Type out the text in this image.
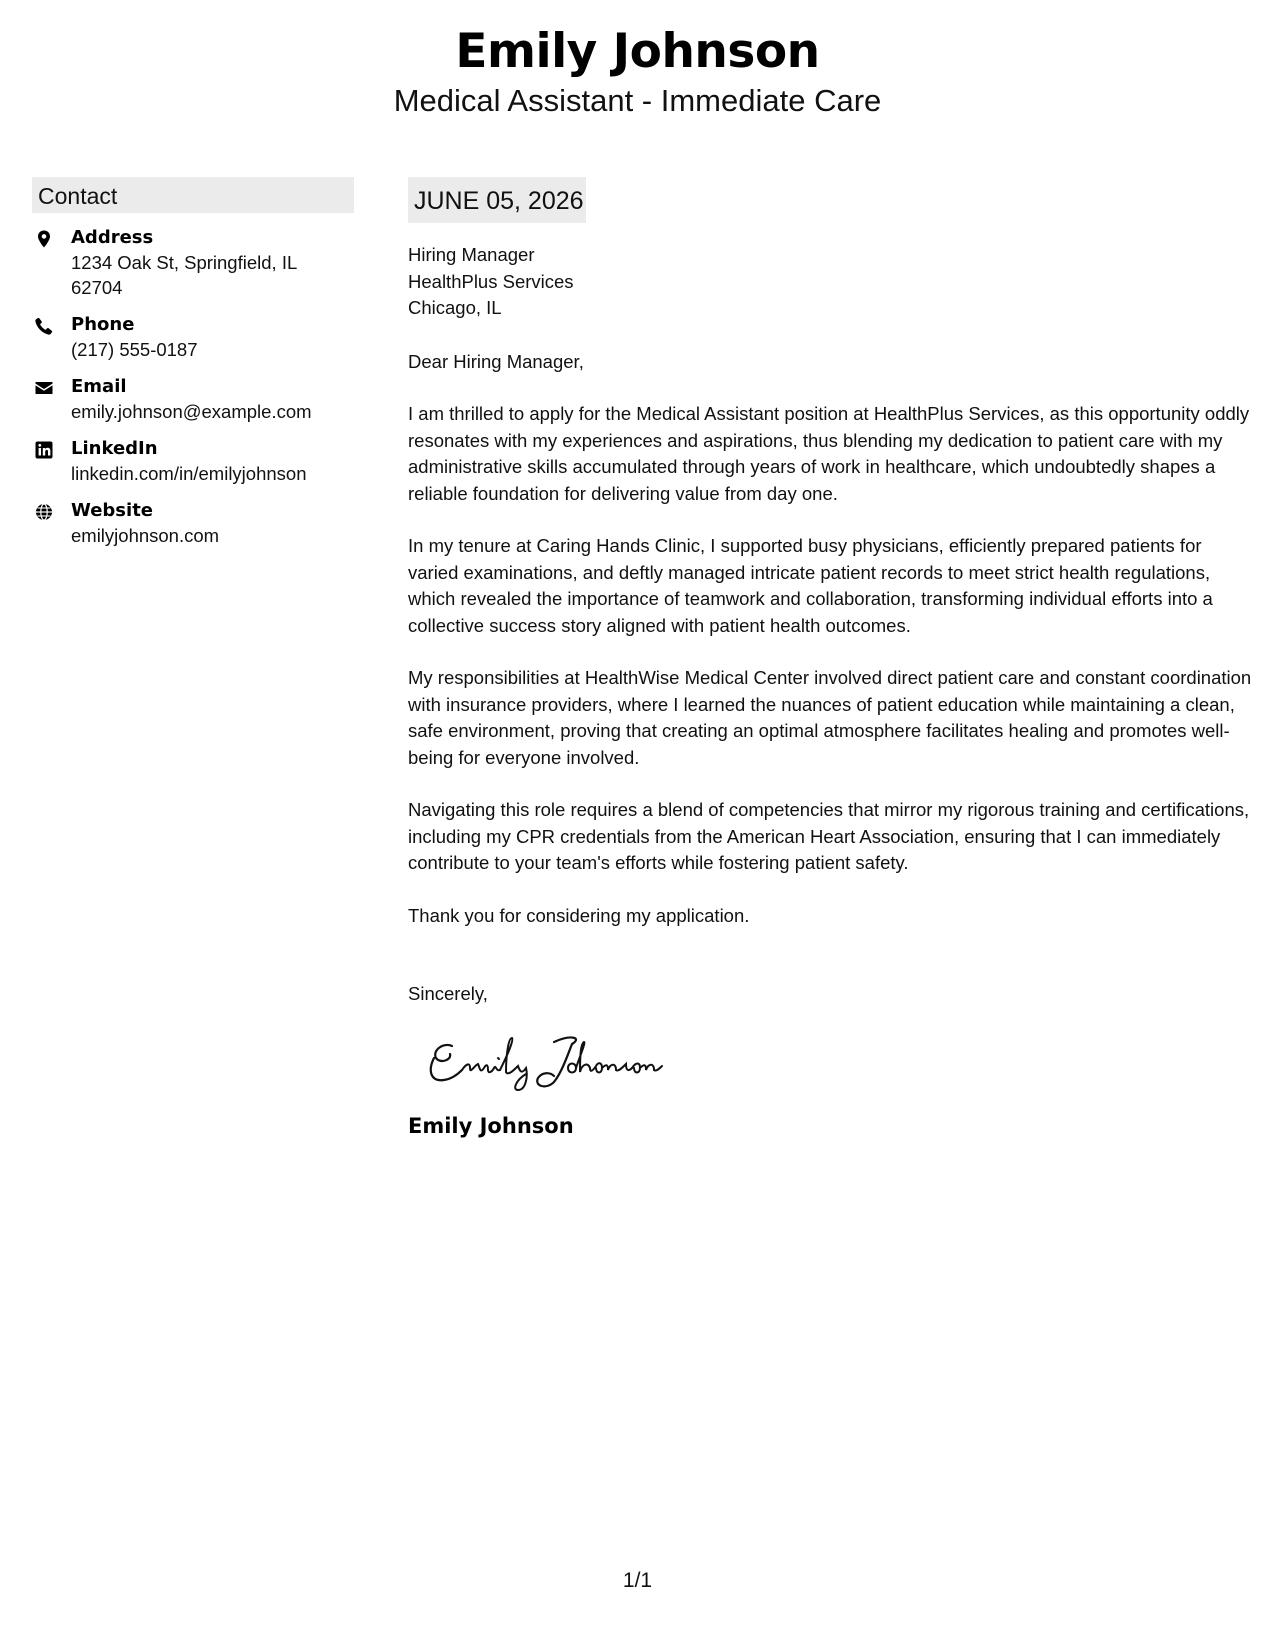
Emily Johnson
Medical Assistant - Immediate Care
Contact
Address
1234 Oak St, Springfield, IL
62704
Phone
(217) 555-0187
Email
emily.johnson@example.com
LinkedIn
linkedin.com/in/emilyjohnson
Website
emilyjohnson.com
JUNE 05, 2026
Hiring Manager
HealthPlus Services
Chicago, IL
Dear Hiring Manager,
I am thrilled to apply for the Medical Assistant position at HealthPlus Services, as this opportunity oddly resonates with my experiences and aspirations, thus blending my dedication to patient care with my administrative skills accumulated through years of work in healthcare, which undoubtedly shapes a reliable foundation for delivering value from day one.
In my tenure at Caring Hands Clinic, I supported busy physicians, efficiently prepared patients for varied examinations, and deftly managed intricate patient records to meet strict health regulations, which revealed the importance of teamwork and collaboration, transforming individual efforts into a collective success story aligned with patient health outcomes.
My responsibilities at HealthWise Medical Center involved direct patient care and constant coordination with insurance providers, where I learned the nuances of patient education while maintaining a clean, safe environment, proving that creating an optimal atmosphere facilitates healing and promotes well-being for everyone involved.
Navigating this role requires a blend of competencies that mirror my rigorous training and certifications, including my CPR credentials from the American Heart Association, ensuring that I can immediately contribute to your team's efforts while fostering patient safety.
Thank you for considering my application.
Sincerely,
Emily Johnson
1/1
